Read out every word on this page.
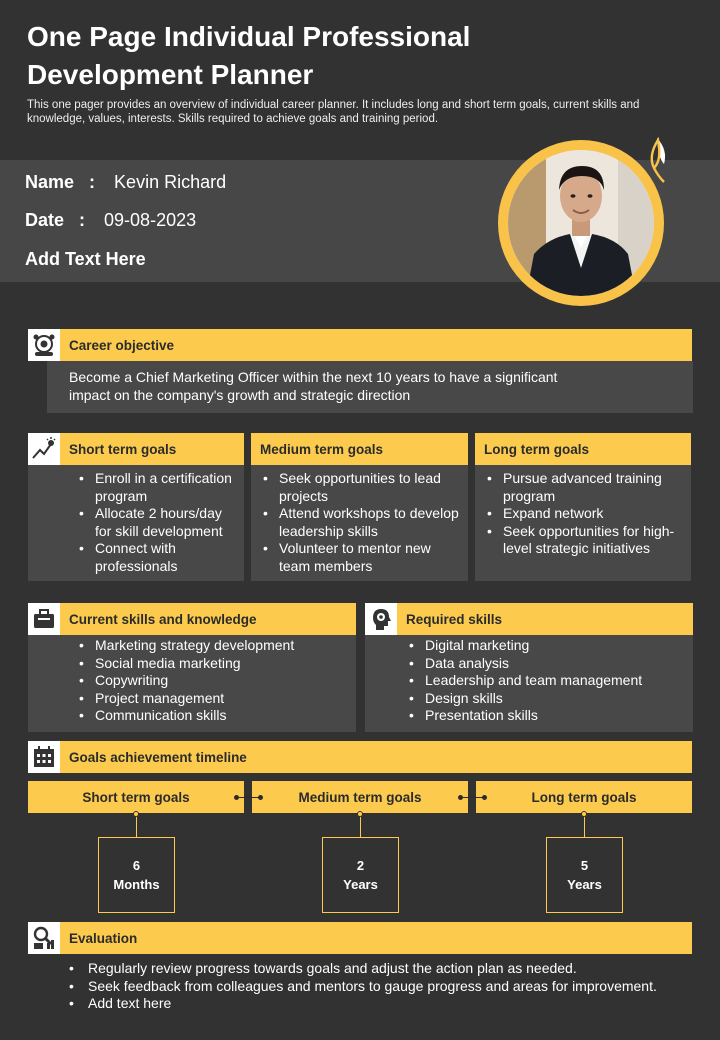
One Page Individual Professional Development Planner
This one pager provides an overview of individual career planner. It includes long and short term goals, current skills and knowledge, values, interests. Skills required to achieve goals and training period.
Name   : Kevin Richard
Date   : 09-08-2023
Add Text Here
Career objective
Become a Chief Marketing Officer within the next 10 years to have a significant impact on the company's growth and strategic direction
Short term goals	Medium term goals	Long term goals
• Enroll in a certification program
• Allocate 2 hours/day for skill development
• Connect with professionals
• Seek opportunities to lead projects
• Attend workshops to develop leadership skills
• Volunteer to mentor new team members
• Pursue advanced training program
• Expand network
• Seek opportunities for high-level strategic initiatives
Current skills and knowledge
• Marketing strategy development
• Social media marketing
• Copywriting
• Project management
• Communication skills
Required skills
• Digital marketing
• Data analysis
• Leadership and team management
• Design skills
• Presentation skills
Goals achievement timeline
Short term goals	Medium term goals	Long term goals
6
Months
2
Years
5
Years
Evaluation
• Regularly review progress towards goals and adjust the action plan as needed.
• Seek feedback from colleagues and mentors to gauge progress and areas for improvement.
• Add text here
